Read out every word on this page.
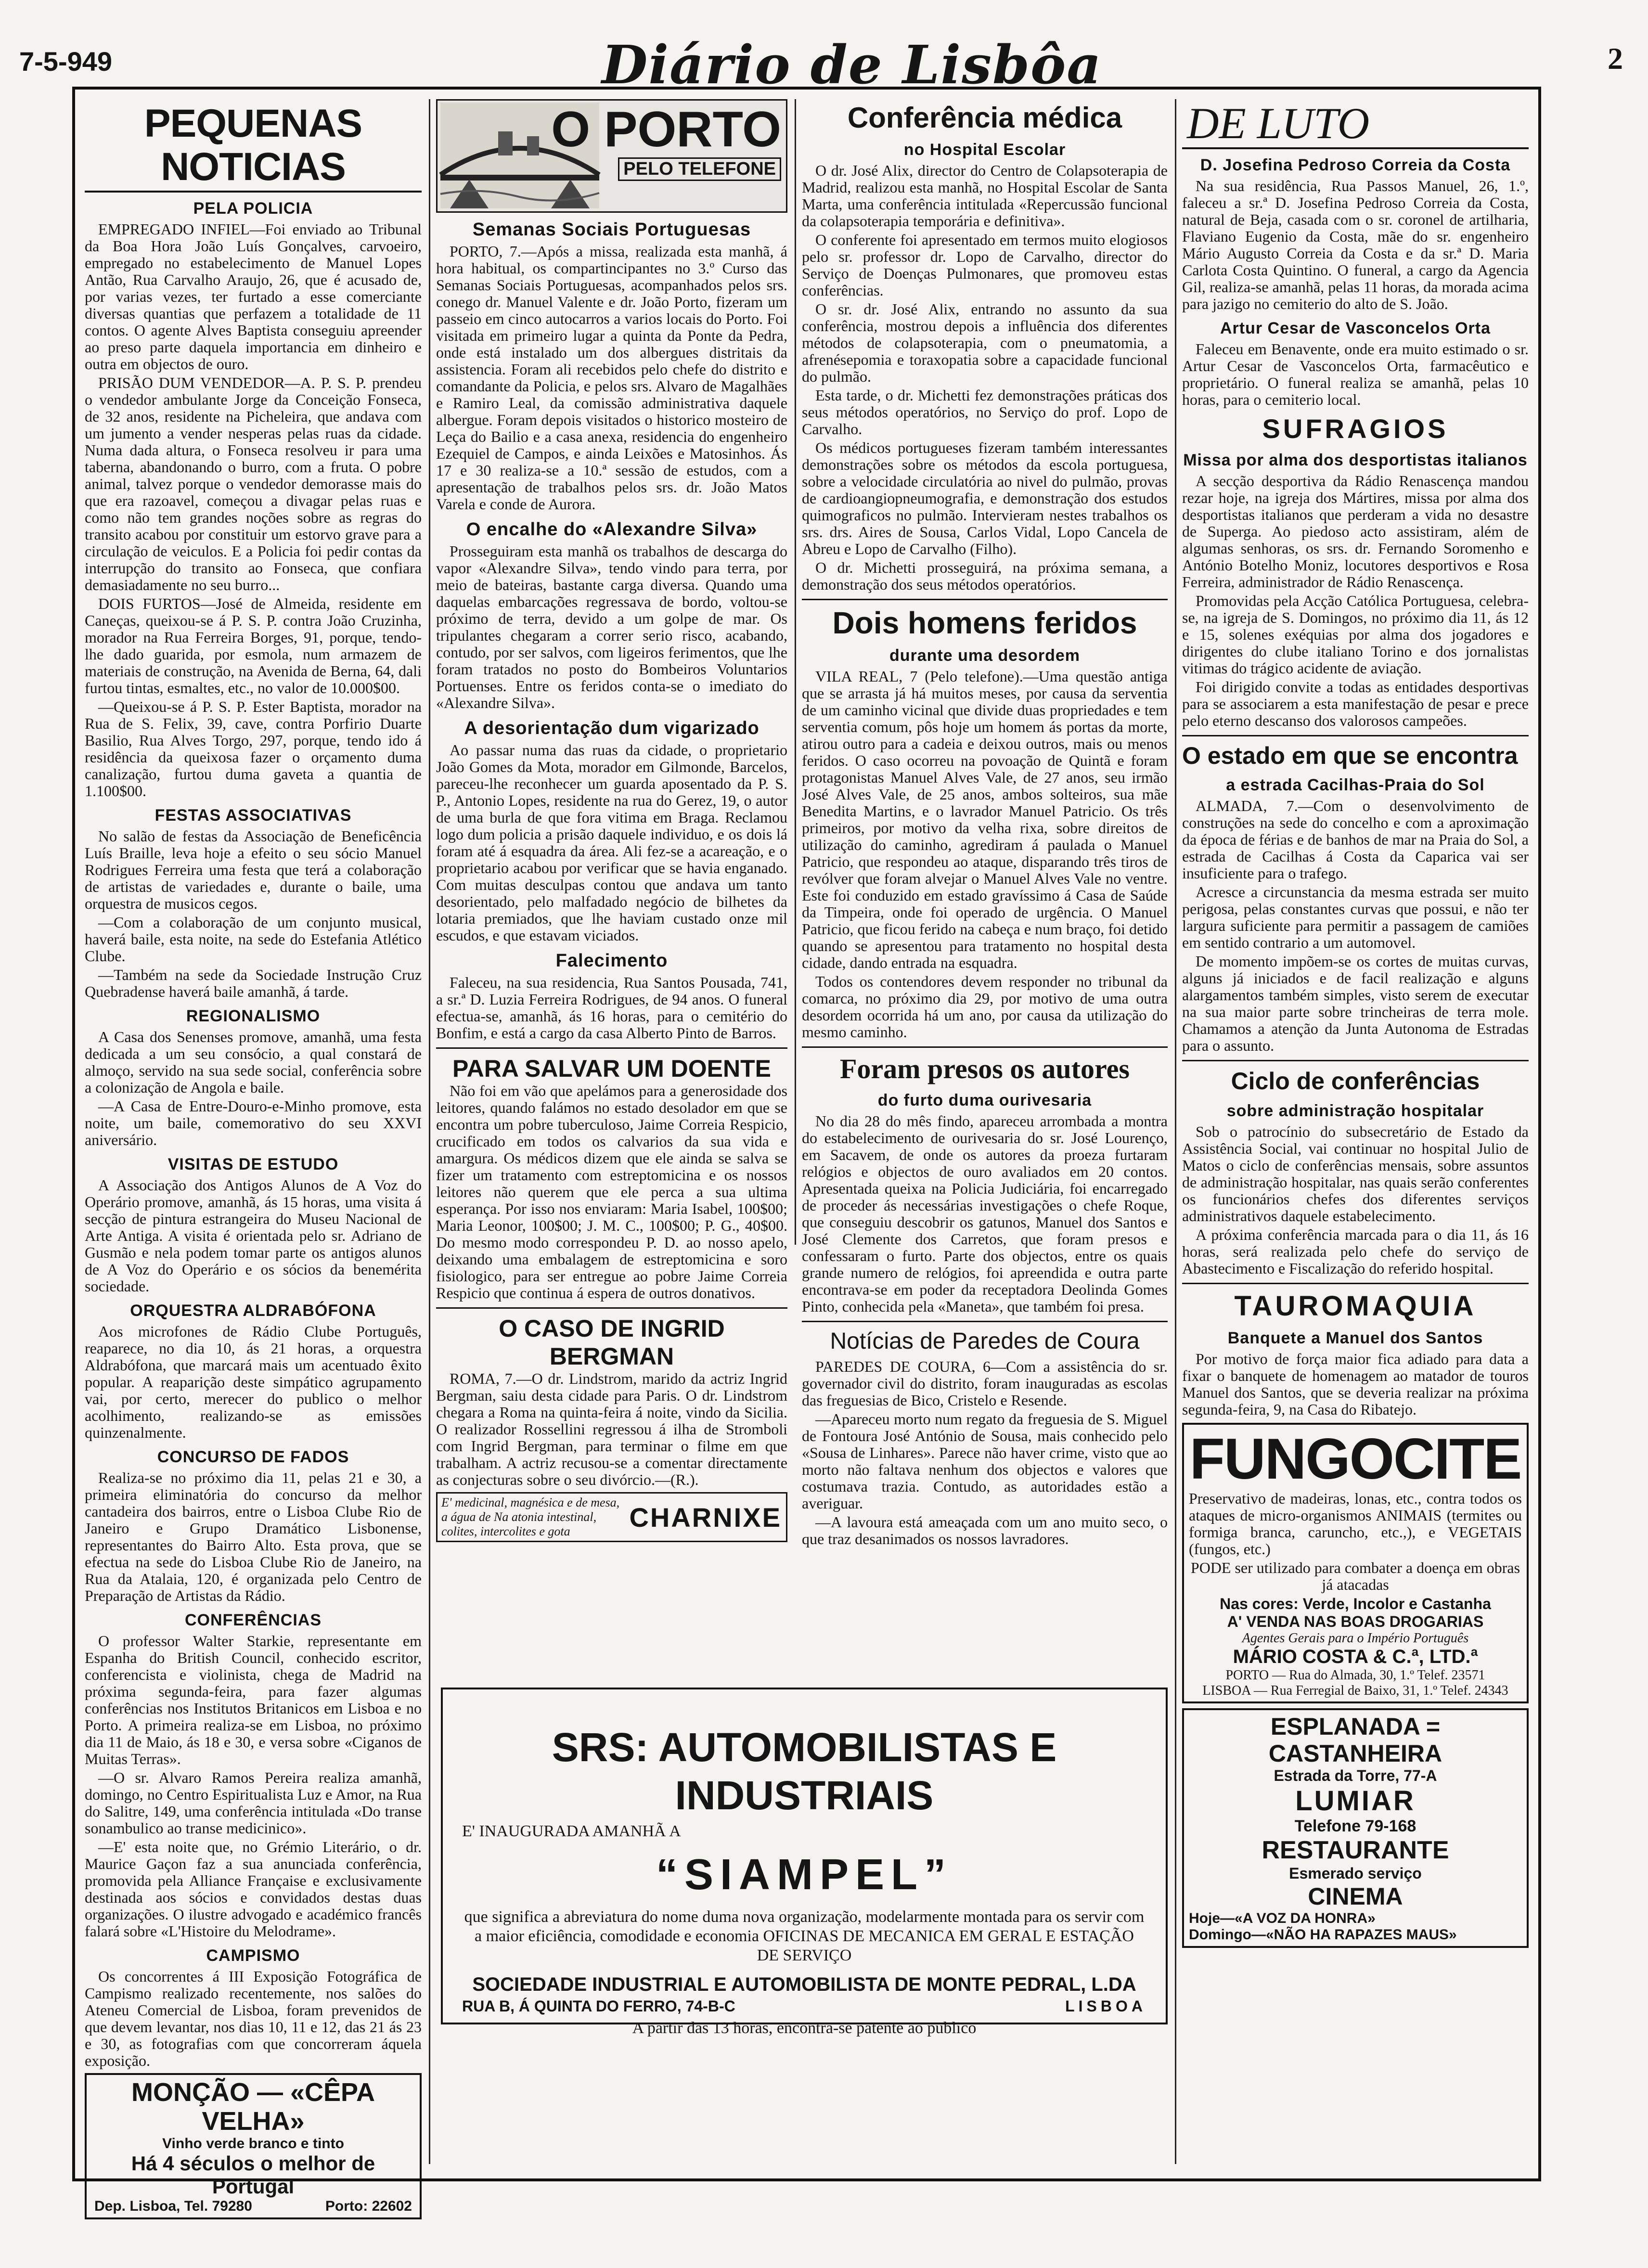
7-5-949	Diário de Lisbôa	2
PEQUENAS NOTICIAS
PELA POLICIA

EMPREGADO INFIEL—Foi enviado ao Tribunal da Boa Hora João Luís Gonçalves, carvoeiro, empregado no estabelecimento de Manuel Lopes Antão, Rua Carvalho Araujo, 26, que é acusado de, por varias vezes, ter furtado a esse comerciante diversas quantias que perfazem a totalidade de 11 contos. O agente Alves Baptista conseguiu apreender ao preso parte daquela importancia em dinheiro e outra em objectos de ouro.

PRISÃO DUM VENDEDOR—A. P. S. P. prendeu o vendedor ambulante Jorge da Conceição Fonseca, de 32 anos, residente na Picheleira, que andava com um jumento a vender nesperas pelas ruas da cidade. Numa dada altura, o Fonseca resolveu ir para uma taberna, abandonando o burro, com a fruta. O pobre animal, talvez porque o vendedor demorasse mais do que era razoavel, começou a divagar pelas ruas e como não tem grandes noções sobre as regras do transito acabou por constituir um estorvo grave para a circulação de veiculos. E a Policia foi pedir contas da interrupção do transito ao Fonseca, que confiara demasiadamente no seu burro...

DOIS FURTOS—José de Almeida, residente em Caneças, queixou-se á P. S. P. contra João Cruzinha, morador na Rua Ferreira Borges, 91, porque, tendo-lhe dado guarida, por esmola, num armazem de materiais de construção, na Avenida de Berna, 64, dali furtou tintas, esmaltes, etc., no valor de 10.000$00.

—Queixou-se á P. S. P. Ester Baptista, morador na Rua de S. Felix, 39, cave, contra Porfirio Duarte Basilio, Rua Alves Torgo, 297, porque, tendo ido á residência da queixosa fazer o orçamento duma canalização, furtou duma gaveta a quantia de 1.100$00.

FESTAS ASSOCIATIVAS

No salão de festas da Associação de Beneficência Luís Braille, leva hoje a efeito o seu sócio Manuel Rodrigues Ferreira uma festa que terá a colaboração de artistas de variedades e, durante o baile, uma orquestra de musicos cegos.

—Com a colaboração de um conjunto musical, haverá baile, esta noite, na sede do Estefania Atlético Clube.

—Também na sede da Sociedade Instrução Cruz Quebradense haverá baile amanhã, á tarde.

REGIONALISMO

A Casa dos Senenses promove, amanhã, uma festa dedicada a um seu consócio, a qual constará de almoço, servido na sua sede social, conferência sobre a colonização de Angola e baile.

—A Casa de Entre-Douro-e-Minho promove, esta noite, um baile, comemorativo do seu XXVI aniversário.

VISITAS DE ESTUDO

A Associação dos Antigos Alunos de A Voz do Operário promove, amanhã, ás 15 horas, uma visita á secção de pintura estrangeira do Museu Nacional de Arte Antiga. A visita é orientada pelo sr. Adriano de Gusmão e nela podem tomar parte os antigos alunos de A Voz do Operário e os sócios da benemérita sociedade.

ORQUESTRA ALDRABÓFONA

Aos microfones de Rádio Clube Português, reaparece, no dia 10, ás 21 horas, a orquestra Aldrabófona, que marcará mais um acentuado êxito popular. A reaparição deste simpático agrupamento vai, por certo, merecer do publico o melhor acolhimento, realizando-se as emissões quinzenalmente.

CONCURSO DE FADOS

Realiza-se no próximo dia 11, pelas 21 e 30, a primeira eliminatória do concurso da melhor cantadeira dos bairros, entre o Lisboa Clube Rio de Janeiro e Grupo Dramático Lisbonense, representantes do Bairro Alto. Esta prova, que se efectua na sede do Lisboa Clube Rio de Janeiro, na Rua da Atalaia, 120, é organizada pelo Centro de Preparação de Artistas da Rádio.

CONFERÊNCIAS

O professor Walter Starkie, representante em Espanha do British Council, conhecido escritor, conferencista e violinista, chega de Madrid na próxima segunda-feira, para fazer algumas conferências nos Institutos Britanicos em Lisboa e no Porto. A primeira realiza-se em Lisboa, no próximo dia 11 de Maio, ás 18 e 30, e versa sobre «Ciganos de Muitas Terras».

—O sr. Alvaro Ramos Pereira realiza amanhã, domingo, no Centro Espiritualista Luz e Amor, na Rua do Salitre, 149, uma conferência intitulada «Do transe sonambulico ao transe medicinico».

—E' esta noite que, no Grémio Literário, o dr. Maurice Gaçon faz a sua anunciada conferência, promovida pela Alliance Française e exclusivamente destinada aos sócios e convidados destas duas organizações. O ilustre advogado e académico francês falará sobre «L'Histoire du Melodrame».

CAMPISMO

Os concorrentes á III Exposição Fotográfica de Campismo realizado recentemente, nos salões do Ateneu Comercial de Lisboa, foram prevenidos de que devem levantar, nos dias 10, 11 e 12, das 21 ás 23 e 30, as fotografias com que concorreram áquela exposição.

MONÇÃO — «CÊPA VELHA»
Vinho verde branco e tinto
Há 4 séculos o melhor de Portugal
Dep. Lisboa, Tel. 79280	Porto: 22602
O PORTO
PELO TELEFONE
Semanas Sociais Portuguesas

PORTO, 7.—Após a missa, realizada esta manhã, á hora habitual, os compartincipantes no 3.º Curso das Semanas Sociais Portuguesas, acompanhados pelos srs. conego dr. Manuel Valente e dr. João Porto, fizeram um passeio em cinco autocarros a varios locais do Porto. Foi visitada em primeiro lugar a quinta da Ponte da Pedra, onde está instalado um dos albergues distritais da assistencia. Foram ali recebidos pelo chefe do distrito e comandante da Policia, e pelos srs. Alvaro de Magalhães e Ramiro Leal, da comissão administrativa daquele albergue. Foram depois visitados o historico mosteiro de Leça do Bailio e a casa anexa, residencia do engenheiro Ezequiel de Campos, e ainda Leixões e Matosinhos. Ás 17 e 30 realiza-se a 10.ª sessão de estudos, com a apresentação de trabalhos pelos srs. dr. João Matos Varela e conde de Aurora.

O encalhe do «Alexandre Silva»

Prosseguiram esta manhã os trabalhos de descarga do vapor «Alexandre Silva», tendo vindo para terra, por meio de bateiras, bastante carga diversa. Quando uma daquelas embarcações regressava de bordo, voltou-se próximo de terra, devido a um golpe de mar. Os tripulantes chegaram a correr serio risco, acabando, contudo, por ser salvos, com ligeiros ferimentos, que lhe foram tratados no posto do Bombeiros Voluntarios Portuenses. Entre os feridos conta-se o imediato do «Alexandre Silva».

A desorientação dum vigarizado

Ao passar numa das ruas da cidade, o proprietario João Gomes da Mota, morador em Gilmonde, Barcelos, pareceu-lhe reconhecer um guarda aposentado da P. S. P., Antonio Lopes, residente na rua do Gerez, 19, o autor de uma burla de que fora vitima em Braga. Reclamou logo dum policia a prisão daquele individuo, e os dois lá foram até á esquadra da área. Ali fez-se a acareação, e o proprietario acabou por verificar que se havia enganado. Com muitas desculpas contou que andava um tanto desorientado, pelo malfadado negócio de bilhetes da lotaria premiados, que lhe haviam custado onze mil escudos, e que estavam viciados.

Falecimento

Faleceu, na sua residencia, Rua Santos Pousada, 741, a sr.ª D. Luzia Ferreira Rodrigues, de 94 anos. O funeral efectua-se, amanhã, ás 16 horas, para o cemitério do Bonfim, e está a cargo da casa Alberto Pinto de Barros.

PARA SALVAR UM DOENTE

Não foi em vão que apelámos para a generosidade dos leitores, quando falámos no estado desolador em que se encontra um pobre tuberculoso, Jaime Correia Respicio, crucificado em todos os calvarios da sua vida e amargura. Os médicos dizem que ele ainda se salva se fizer um tratamento com estreptomicina e os nossos leitores não querem que ele perca a sua ultima esperança. Por isso nos enviaram: Maria Isabel, 100$00; Maria Leonor, 100$00; J. M. C., 100$00; P. G., 40$00. Do mesmo modo correspondeu P. D. ao nosso apelo, deixando uma embalagem de estreptomicina e soro fisiologico, para ser entregue ao pobre Jaime Correia Respicio que continua á espera de outros donativos.

O CASO DE INGRID BERGMAN

ROMA, 7.—O dr. Lindstrom, marido da actriz Ingrid Bergman, saiu desta cidade para Paris. O dr. Lindstrom chegara a Roma na quinta-feira á noite, vindo da Sicilia. O realizador Rossellini regressou á ilha de Stromboli com Ingrid Bergman, para terminar o filme em que trabalham. A actriz recusou-se a comentar directamente as conjecturas sobre o seu divórcio.—(R.).

E' medicinal, magnésica e de mesa, a água de Na atonia intestinal, colites, intercolites e gota	CHARNIXE
Conferência médica
no Hospital Escolar

O dr. José Alix, director do Centro de Colapsoterapia de Madrid, realizou esta manhã, no Hospital Escolar de Santa Marta, uma conferência intitulada «Repercussão funcional da colapsoterapia temporária e definitiva».

O conferente foi apresentado em termos muito elogiosos pelo sr. professor dr. Lopo de Carvalho, director do Serviço de Doenças Pulmonares, que promoveu estas conferências.

O sr. dr. José Alix, entrando no assunto da sua conferência, mostrou depois a influência dos diferentes métodos de colapsoterapia, com o pneumatomia, a afrenésepomia e toraxopatia sobre a capacidade funcional do pulmão.

Esta tarde, o dr. Michetti fez demonstrações práticas dos seus métodos operatórios, no Serviço do prof. Lopo de Carvalho.

Os médicos portugueses fizeram também interessantes demonstrações sobre os métodos da escola portuguesa, sobre a velocidade circulatória ao nivel do pulmão, provas de cardioangiopneumografia, e demonstração dos estudos quimograficos no pulmão. Intervieram nestes trabalhos os srs. drs. Aires de Sousa, Carlos Vidal, Lopo Cancela de Abreu e Lopo de Carvalho (Filho).

O dr. Michetti prosseguirá, na próxima semana, a demonstração dos seus métodos operatórios.

Dois homens feridos
durante uma desordem

VILA REAL, 7 (Pelo telefone).—Uma questão antiga que se arrasta já há muitos meses, por causa da serventia de um caminho vicinal que divide duas propriedades e tem serventia comum, pôs hoje um homem ás portas da morte, atirou outro para a cadeia e deixou outros, mais ou menos feridos. O caso ocorreu na povoação de Quintã e foram protagonistas Manuel Alves Vale, de 27 anos, seu irmão José Alves Vale, de 25 anos, ambos solteiros, sua mãe Benedita Martins, e o lavrador Manuel Patricio. Os três primeiros, por motivo da velha rixa, sobre direitos de utilização do caminho, agrediram á paulada o Manuel Patricio, que respondeu ao ataque, disparando três tiros de revólver que foram alvejar o Manuel Alves Vale no ventre. Este foi conduzido em estado gravíssimo á Casa de Saúde da Timpeira, onde foi operado de urgência. O Manuel Patricio, que ficou ferido na cabeça e num braço, foi detido quando se apresentou para tratamento no hospital desta cidade, dando entrada na esquadra.

Todos os contendores devem responder no tribunal da comarca, no próximo dia 29, por motivo de uma outra desordem ocorrida há um ano, por causa da utilização do mesmo caminho.

Foram presos os autores
do furto duma ourivesaria

No dia 28 do mês findo, apareceu arrombada a montra do estabelecimento de ourivesaria do sr. José Lourenço, em Sacavem, de onde os autores da proeza furtaram relógios e objectos de ouro avaliados em 20 contos. Apresentada queixa na Policia Judiciária, foi encarregado de proceder ás necessárias investigações o chefe Roque, que conseguiu descobrir os gatunos, Manuel dos Santos e José Clemente dos Carretos, que foram presos e confessaram o furto. Parte dos objectos, entre os quais grande numero de relógios, foi apreendida e outra parte encontrava-se em poder da receptadora Deolinda Gomes Pinto, conhecida pela «Maneta», que também foi presa.

Notícias de Paredes de Coura

PAREDES DE COURA, 6—Com a assistência do sr. governador civil do distrito, foram inauguradas as escolas das freguesias de Bico, Cristelo e Resende.

—Apareceu morto num regato da freguesia de S. Miguel de Fontoura José António de Sousa, mais conhecido pelo «Sousa de Linhares». Parece não haver crime, visto que ao morto não faltava nenhum dos objectos e valores que costumava trazia. Contudo, as autoridades estão a averiguar.

—A lavoura está ameaçada com um ano muito seco, o que traz desanimados os nossos lavradores.

DE LUTO
D. Josefina Pedroso Correia da Costa

Na sua residência, Rua Passos Manuel, 26, 1.º, faleceu a sr.ª D. Josefina Pedroso Correia da Costa, natural de Beja, casada com o sr. coronel de artilharia, Flaviano Eugenio da Costa, mãe do sr. engenheiro Mário Augusto Correia da Costa e da sr.ª D. Maria Carlota Costa Quintino. O funeral, a cargo da Agencia Gil, realiza-se amanhã, pelas 11 horas, da morada acima para jazigo no cemiterio do alto de S. João.

Artur Cesar de Vasconcelos Orta

Faleceu em Benavente, onde era muito estimado o sr. Artur Cesar de Vasconcelos Orta, farmacêutico e proprietário. O funeral realiza se amanhã, pelas 10 horas, para o cemiterio local.

SUFRAGIOS
Missa por alma dos desportistas italianos

A secção desportiva da Rádio Renascença mandou rezar hoje, na igreja dos Mártires, missa por alma dos desportistas italianos que perderam a vida no desastre de Superga. Ao piedoso acto assistiram, além de algumas senhoras, os srs. dr. Fernando Soromenho e António Botelho Moniz, locutores desportivos e Rosa Ferreira, administrador de Rádio Renascença.

Promovidas pela Acção Católica Portuguesa, celebra-se, na igreja de S. Domingos, no próximo dia 11, ás 12 e 15, solenes exéquias por alma dos jogadores e dirigentes do clube italiano Torino e dos jornalistas vitimas do trágico acidente de aviação.

Foi dirigido convite a todas as entidades desportivas para se associarem a esta manifestação de pesar e prece pelo eterno descanso dos valorosos campeões.

O estado em que se encontra
a estrada Cacilhas-Praia do Sol

ALMADA, 7.—Com o desenvolvimento de construções na sede do concelho e com a aproximação da época de férias e de banhos de mar na Praia do Sol, a estrada de Cacilhas á Costa da Caparica vai ser insuficiente para o trafego.

Acresce a circunstancia da mesma estrada ser muito perigosa, pelas constantes curvas que possui, e não ter largura suficiente para permitir a passagem de camiões em sentido contrario a um automovel.

De momento impõem-se os cortes de muitas curvas, alguns já iniciados e de facil realização e alguns alargamentos também simples, visto serem de executar na sua maior parte sobre trincheiras de terra mole. Chamamos a atenção da Junta Autonoma de Estradas para o assunto.

Ciclo de conferências
sobre administração hospitalar

Sob o patrocínio do subsecretário de Estado da Assistência Social, vai continuar no hospital Julio de Matos o ciclo de conferências mensais, sobre assuntos de administração hospitalar, nas quais serão conferentes os funcionários chefes dos diferentes serviços administrativos daquele estabelecimento.

A próxima conferência marcada para o dia 11, ás 16 horas, será realizada pelo chefe do serviço de Abastecimento e Fiscalização do referido hospital.

TAUROMAQUIA
Banquete a Manuel dos Santos

Por motivo de força maior fica adiado para data a fixar o banquete de homenagem ao matador de touros Manuel dos Santos, que se deveria realizar na próxima segunda-feira, 9, na Casa do Ribatejo.

FUNGOCITE

Preservativo de madeiras, lonas, etc., contra todos os ataques de micro-organismos ANIMAIS (termites ou formiga branca, caruncho, etc.,), e VEGETAIS (fungos, etc.)

PODE ser utilizado para combater a doença em obras já atacadas

Nas cores: Verde, Incolor e Castanha
A' VENDA NAS BOAS DROGARIAS
Agentes Gerais para o Império Português
MÁRIO COSTA & C.ª, LTD.ª
PORTO — Rua do Almada, 30, 1.º Telef. 23571
LISBOA — Rua Ferregial de Baixo, 31, 1.º Telef. 24343
ESPLANADA = CASTANHEIRA
Estrada da Torre, 77-A
LUMIAR
Telefone 79-168
RESTAURANTE
Esmerado serviço
CINEMA
Hoje—«A VOZ DA HONRA»
Domingo—«NÃO HA RAPAZES MAUS»
SRS: AUTOMOBILISTAS E INDUSTRIAIS
E' INAUGURADA AMANHÃ A
“SIAMPEL”
que significa a abreviatura do nome duma nova organização, modelarmente montada para os servir com a maior eficiência, comodidade e economia OFICINAS DE MECANICA EM GERAL E ESTAÇÃO DE SERVIÇO
SOCIEDADE INDUSTRIAL E AUTOMOBILISTA DE MONTE PEDRAL, L.DA
RUA B, Á QUINTA DO FERRO, 74-B-C	LISBOA
A partir das 13 horas, encontra-se patente ao publico
